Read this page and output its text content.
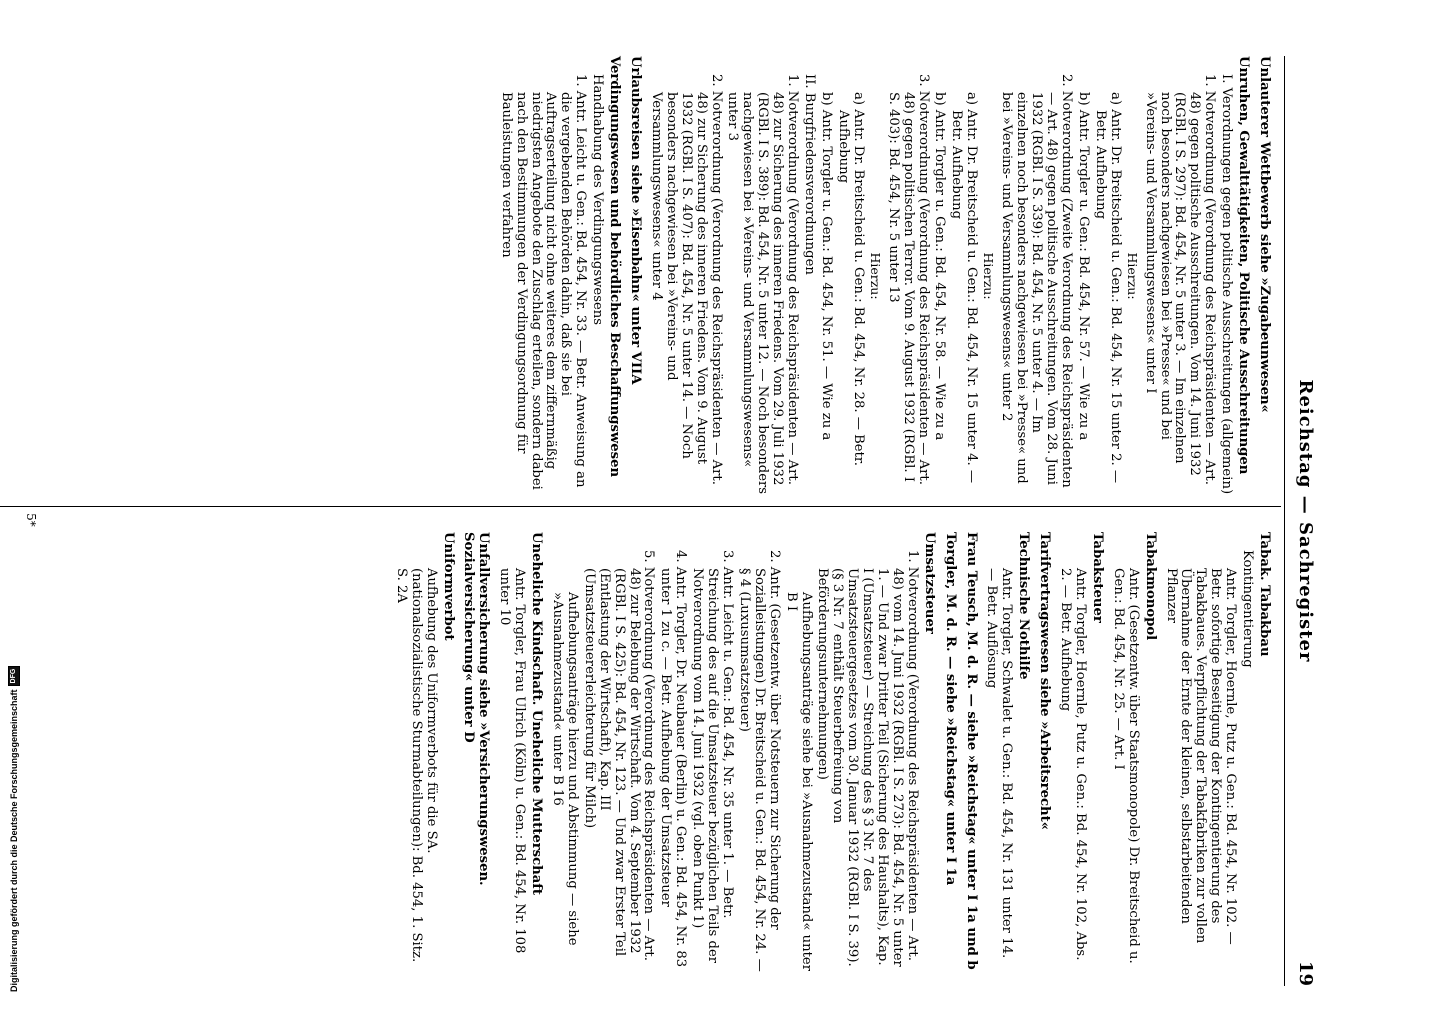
Reichstag — Sachregister
19

Unlauterer Wettbewerb siehe »Zugabeunwesen«

Unruhen, Gewalttätigkeiten, Politische Ausschreitungen

I. Verordnungen gegen politische Ausschreitungen (allgemein)

1. Notverordnung (Verordnung des Reichspräsidenten — Art. 48) gegen politische Ausschreitungen. Vom 14. Juni 1932 (RGBl. I S. 297): Bd. 454, Nr. 5 unter 3. — Im einzelnen noch besonders nachgewiesen bei »Presse« und bei »Vereins- und Versammlungswesens« unter I

Hierzu:

a) Antr. Dr. Breitscheid u. Gen.: Bd. 454, Nr. 15 unter 2. — Betr. Aufhebung

b) Antr. Torgler u. Gen.: Bd. 454, Nr. 57. — Wie zu a

2. Notverordnung (Zweite Verordnung des Reichspräsidenten — Art. 48) gegen politische Ausschreitungen. Vom 28. Juni 1932 (RGBl. I S. 339): Bd. 454, Nr. 5 unter 4. — Im einzelnen noch besonders nachgewiesen bei »Presse« und bei »Vereins- und Versammlungswesens« unter 2

Hierzu:

a) Antr. Dr. Breitscheid u. Gen.: Bd. 454, Nr. 15 unter 4. — Betr. Aufhebung

b) Antr. Torgler u. Gen.: Bd. 454, Nr. 58. — Wie zu a

3. Notverordnung (Verordnung des Reichspräsidenten — Art. 48) gegen politischen Terror. Vom 9. August 1932 (RGBl. I S. 403): Bd. 454, Nr. 5 unter 13

Hierzu:

a) Antr. Dr. Breitscheid u. Gen.: Bd. 454, Nr. 28. — Betr. Aufhebung

b) Antr. Torgler u. Gen.: Bd. 454, Nr. 51. — Wie zu a

II. Burgfriedensverordnungen

1. Notverordnung (Verordnung des Reichspräsidenten — Art. 48) zur Sicherung des inneren Friedens. Vom 29. Juli 1932 (RGBl. I S. 389): Bd. 454, Nr. 5 unter 12. — Noch besonders nachgewiesen bei »Vereins- und Versammlungswesens« unter 3

2. Notverordnung (Verordnung des Reichspräsidenten — Art. 48) zur Sicherung des inneren Friedens. Vom 9. August 1932 (RGBl. I S. 407): Bd. 454, Nr. 5 unter 14. — Noch besonders nachgewiesen bei »Vereins- und Versammlungswesens« unter 4

Urlaubsreisen siehe »Eisenbahn« unter VIIA

Verdingungswesen und behördliches Beschaffungswesen

Handhabung des Verdingungswesens

1. Antr. Leicht u. Gen.: Bd. 454, Nr. 33. — Betr. Anweisung an die vergebenden Behörden dahin, daß sie bei Auftragserteilung nicht ohne weiteres dem ziffernmäßig niedrigsten Angebote den Zuschlag erteilen, sondern dabei nach den Bestimmungen der Verdingungsordnung für Bauleistungen verfahren

Tabak. Tabakbau

Kontingentierung

Antr. Torgler, Hoernle, Putz u. Gen.: Bd. 454, Nr. 102. — Betr. sofortige Beseitigung der Kontingentierung des Tabakbaues. Verpflichtung der Tabakfabriken zur vollen Übernahme der Ernte der kleinen, selbstarbeitenden Pflanzer

Tabakmonopol

Antr. (Gesetzentw. über Staatsmonopole) Dr. Breitscheid u. Gen.: Bd. 454, Nr. 25. — Art. I

Tabaksteuer

Antr. Torgler, Hoernle, Putz u. Gen.: Bd. 454, Nr. 102, Abs. 2. — Betr. Aufhebung

Tarifvertragswesen siehe »Arbeitsrecht«

Technische Nothilfe

Antr. Torgler, Schwalet u. Gen.: Bd. 454, Nr. 131 unter 14. — Betr. Auflösung

Frau Teusch, M. d. R. — siehe »Reichstag« unter I 1a und b

Torgler, M. d. R. — siehe »Reichstag« unter I 1a

Umsatzsteuer

1. Notverordnung (Verordnung des Reichspräsidenten — Art. 48) vom 14. Juni 1932 (RGBl. I S. 273): Bd. 454, Nr. 5 unter 1. — Und zwar Dritter Teil (Sicherung des Haushalts), Kap. I (Umsatzsteuer) — Streichung des § 3 Nr. 7 des Umsatzsteuergesetzes vom 30. Januar 1932 (RGBl. I S. 39). (§ 3 Nr. 7 enthält Steuerbefreiung von Beförderungsunternehmungen)

Aufhebungsanträge siehe bei »Ausnahmezustand« unter B I

2. Antr. (Gesetzentw. über Notsteuern zur Sicherung der Sozialleistungen) Dr. Breitscheid u. Gen.: Bd. 454, Nr. 24. — § 4 (Luxusumsatzsteuer)

3. Antr. Leicht u. Gen.: Bd. 454, Nr. 35 unter 1. — Betr. Streichung des auf die Umsatzsteuer bezüglichen Teils der Notverordnung vom 14. Juni 1932 (vgl. oben Punkt 1)

4. Antr. Torgler, Dr. Neubauer (Berlin) u. Gen.: Bd. 454, Nr. 83 unter 1 zu c. — Betr. Aufhebung der Umsatzsteuer

5. Notverordnung (Verordnung des Reichspräsidenten — Art. 48) zur Belebung der Wirtschaft. Vom 4. September 1932 (RGBl. I S. 425): Bd. 454, Nr. 123. — Und zwar Erster Teil (Entlastung der Wirtschaft), Kap. III (Umsatzsteuererleichterung für Milch)

Aufhebungsanträge hierzu und Abstimmung — siehe »Ausnahmezustand« unter B 16

Uneheliche Kindschaft. Uneheliche Mutterschaft

Antr. Torgler, Frau Ulrich (Köln) u. Gen.: Bd. 454, Nr. 108 unter 10

Unfallversicherung siehe »Versicherungswesen. Sozialversicherung« unter D

Uniformverbot

Aufhebung des Uniformverbots für die SA. (nationalsozialistische Sturmabteilungen): Bd. 454, 1. Sitz. S. 2A

5*
Digitalisierung gefördert durch die Deutsche Forschungsgemeinschaft
DFG
